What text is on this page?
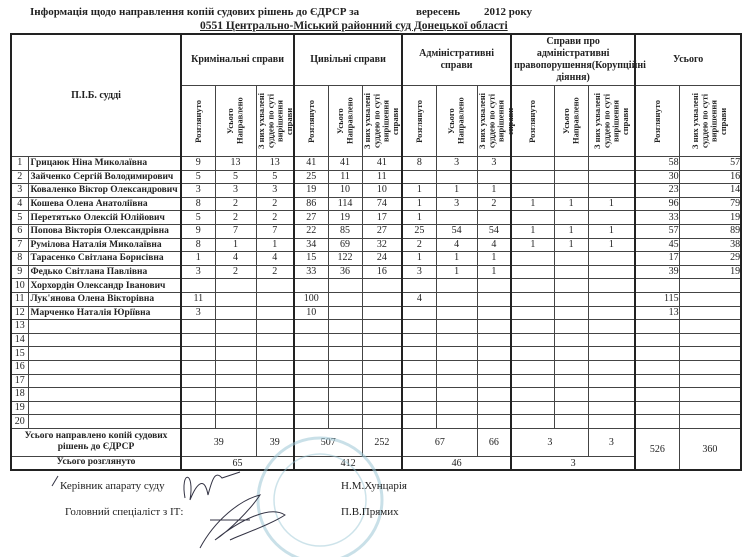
Інформація щодо направлення копій судових рішень до ЄДРСР за	вересень 2012 року
0551 Центрально-Міський районний суд Донецької області
П.І.Б. судді		Кримінальні справи			Цивільні справи			Адміністративні справи			Справи про адміністративні правопорушення(Корупційні діяння)			Усього	

		Розглянуто	Усього Направлено	З них ухвалені суддею по суті вирішення справи	Розглянуто	Усього Направлено	З них ухвалені суддею по суті вирішення справи	Розглянуто	Усього Направлено	З них ухвалені суддею по суті вирішення справи	Розглянуто	Усього Направлено	З них ухвалені суддею по суті вирішення справи	Розглянуто	З них ухвалені суддею по суті вирішення справи

1	Грицаюк Ніна Миколаївна	9	13	13	41	41	41	8	3	3				58	57
2	Зайченко Сергій Володимирович	5	5	5	25	11	11							30	16
3	Коваленко Віктор Олександрович	3	3	3	19	10	10	1	1	1				23	14
4	Кошева Олена Анатоліївна	8	2	2	86	114	74	1	3	2	1	1	1	96	79
5	Перетятько Олексій Юлійович	5	2	2	27	19	17	1						33	19
6	Попова Вікторія Олександрівна	9	7	7	22	85	27	25	54	54	1	1	1	57	89
7	Румілова Наталія Миколаївна	8	1	1	34	69	32	2	4	4	1	1	1	45	38
8	Тарасенко Світлана Борисівна	1	4	4	15	122	24	1	1	1				17	29
9	Федько Світлана Павлівна	3	2	2	33	36	16	3	1	1				39	19
10	Хорхордін Олександр Іванович														
11	Лук'янова Олена Вікторівна	11			100			4						115	
12	Марченко Наталія Юріївна	3			10									13	
13															
14															
15															
16															
17															
18															
19															
20															
Усього направлено копій судових рішень до ЄДРСР		39		39	507		252	67		66	3		3	526	360
Усього розглянуто		65			412			46			3				
Керівник апарату суду	Н.М.Хунцарія
Головний спеціаліст з ІТ:	П.В.Прямих
